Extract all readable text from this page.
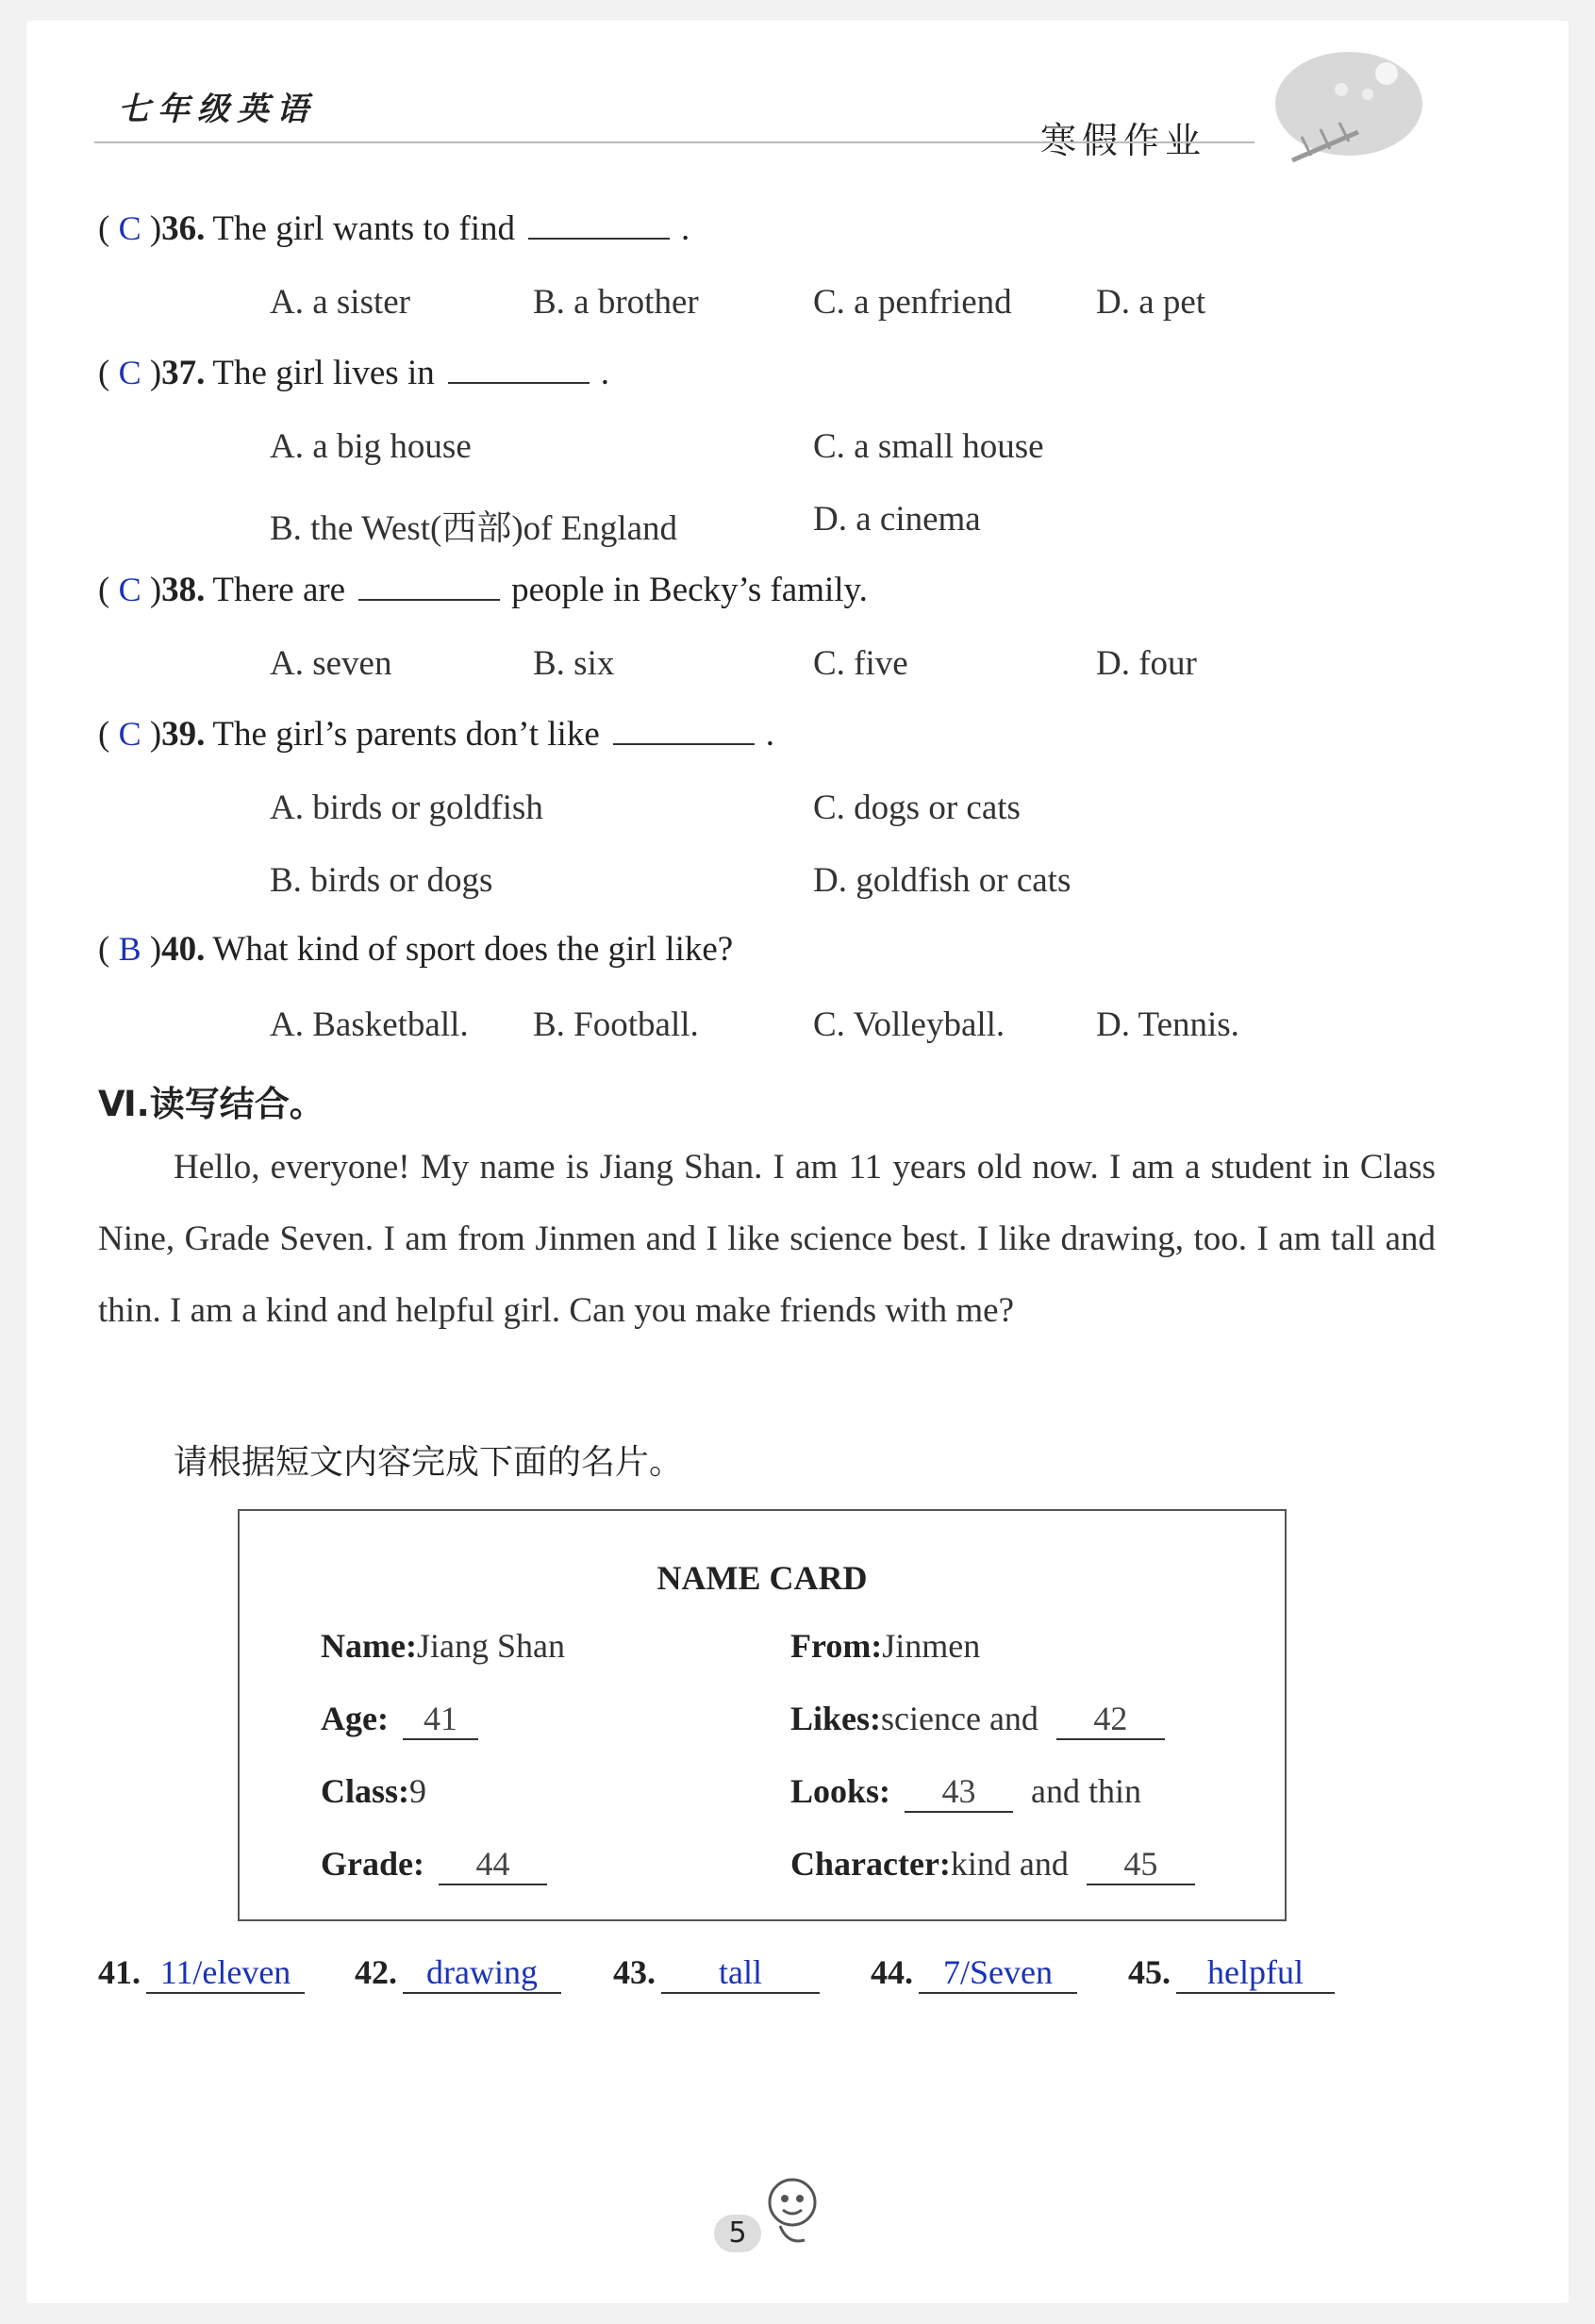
七年级英语
寒假作业
( C )36. The girl wants to find	.
A. a sister	B. a brother	C. a penfriend D. a pet
( C )37. The girl lives in	.
A. a big house	C. a small house
B. the West(西部)of England	D. a cinema
( C )38. There are	people in Becky’s family.
A. seven	B. six	C. five	D. four
( C )39. The girl’s parents don’t like	.
A. birds or goldfish	C. dogs or cats
B. birds or dogs	D. goldfish or cats
( B )40. What kind of sport does the girl like?
A. Basketball. B. Football.	C. Volleyball.	D. Tennis.
Ⅵ.读写结合。
Hello, everyone! My name is Jiang Shan. I am 11 years old now. I am a student in Class Nine, Grade Seven. I am from Jinmen and I like science best. I like drawing, too. I am tall and thin. I am a kind and helpful girl. Can you make friends with me?
请根据短文内容完成下面的名片。
NAME CARD
Name:Jiang Shan	From:Jinmen
Age: 41	Likes:science and 42
Class:9	Looks: 43 and thin
Grade: 44	Character:kind and 45
41. 11/eleven	42. drawing	43. tall	44. 7/Seven	45. helpful
5
